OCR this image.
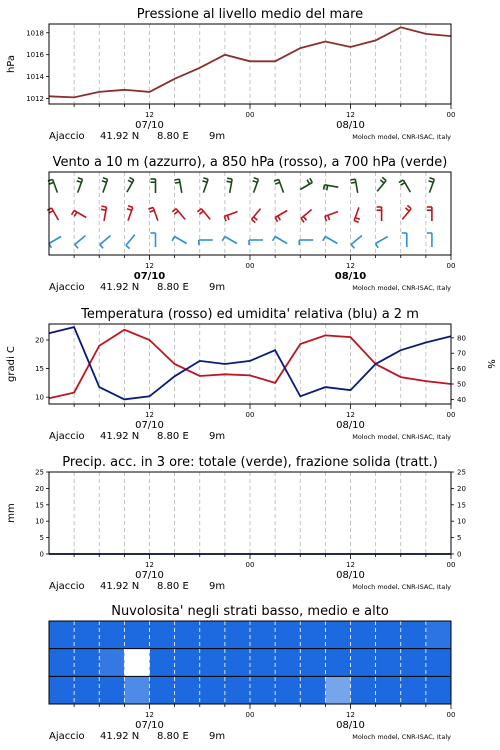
1012
1014
1016
1018
Pressione al livello medio del mare
hPa
12	00	12	00
07/10	08/10
Ajaccio 41.92 N 8.80 E 9m	Moloch model, CNR-ISAC, Italy
Vento a 10 m (azzurro), a 850 hPa (rosso), a 700 hPa (verde)
12	00	12	00
07/10	08/10
Ajaccio 41.92 N 8.80 E 9m	Moloch model, CNR-ISAC, Italy
10
15
20
40
50
60
70
80
Temperatura (rosso) ed umidita' relativa (blu) a 2 m
gradi C	%
12	00	12	00
07/10	08/10
Ajaccio 41.92 N 8.80 E 9m	Moloch model, CNR-ISAC, Italy
0	0
5	5
10	10
15	15
20	20
25	25
Precip. acc. in 3 ore: totale (verde), frazione solida (tratt.)
mm
12	00	12	00
07/10	08/10
Ajaccio 41.92 N 8.80 E 9m	Moloch model, CNR-ISAC, Italy
Nuvolosita' negli strati basso, medio e alto
12	00	12	00
07/10	08/10
Ajaccio 41.92 N 8.80 E 9m	Moloch model, CNR-ISAC, Italy
